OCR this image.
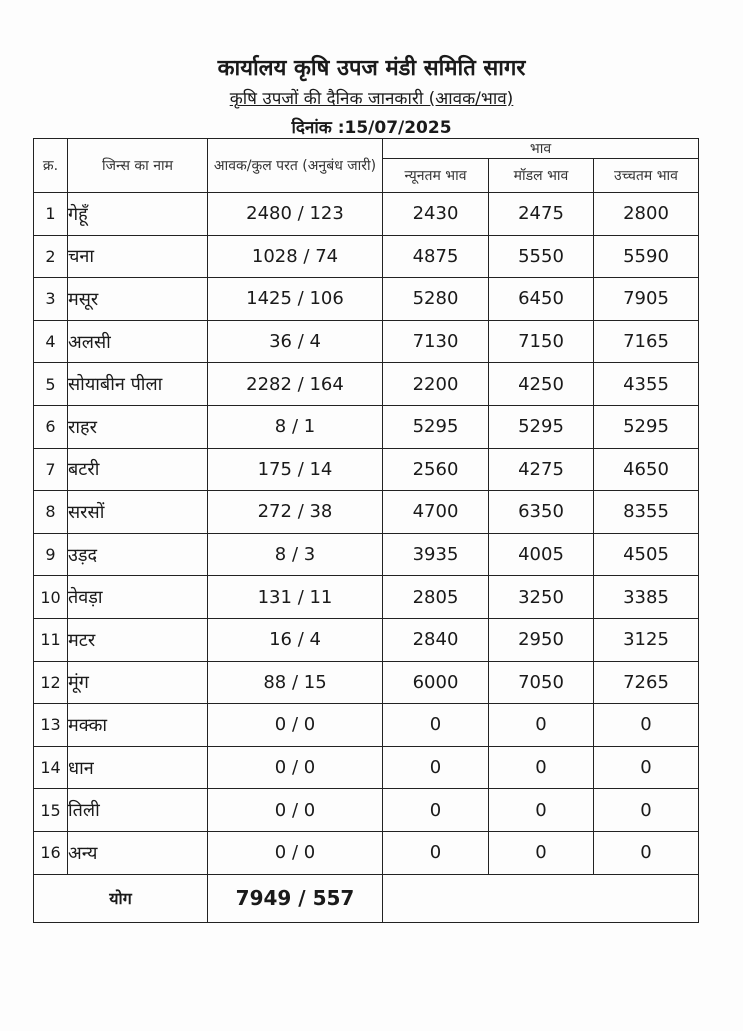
कार्यालय कृषि उपज मंडी समिति सागर
कृषि उपजों की दैनिक जानकारी (आवक/भाव)
दिनांक :15/07/2025
क्र.	जिन्स का नाम	आवक/कुल परत (अनुबंध जारी)	भाव		
			न्यूनतम भाव	मॉडल भाव	उच्चतम भाव
1	गेहूँ	2480 / 123	2430	2475	2800
2	चना	1028 / 74	4875	5550	5590
3	मसूर	1425 / 106	5280	6450	7905
4	अलसी	36 / 4	7130	7150	7165
5	सोयाबीन पीला	2282 / 164	2200	4250	4355
6	राहर	8 / 1	5295	5295	5295
7	बटरी	175 / 14	2560	4275	4650
8	सरसों	272 / 38	4700	6350	8355
9	उड़द	8 / 3	3935	4005	4505
10	तेवड़ा	131 / 11	2805	3250	3385
11	मटर	16 / 4	2840	2950	3125
12	मूंग	88 / 15	6000	7050	7265
13	मक्का	0 / 0	0	0	0
14	धान	0 / 0	0	0	0
15	तिली	0 / 0	0	0	0
16	अन्य	0 / 0	0	0	0
योग		7949 / 557			
